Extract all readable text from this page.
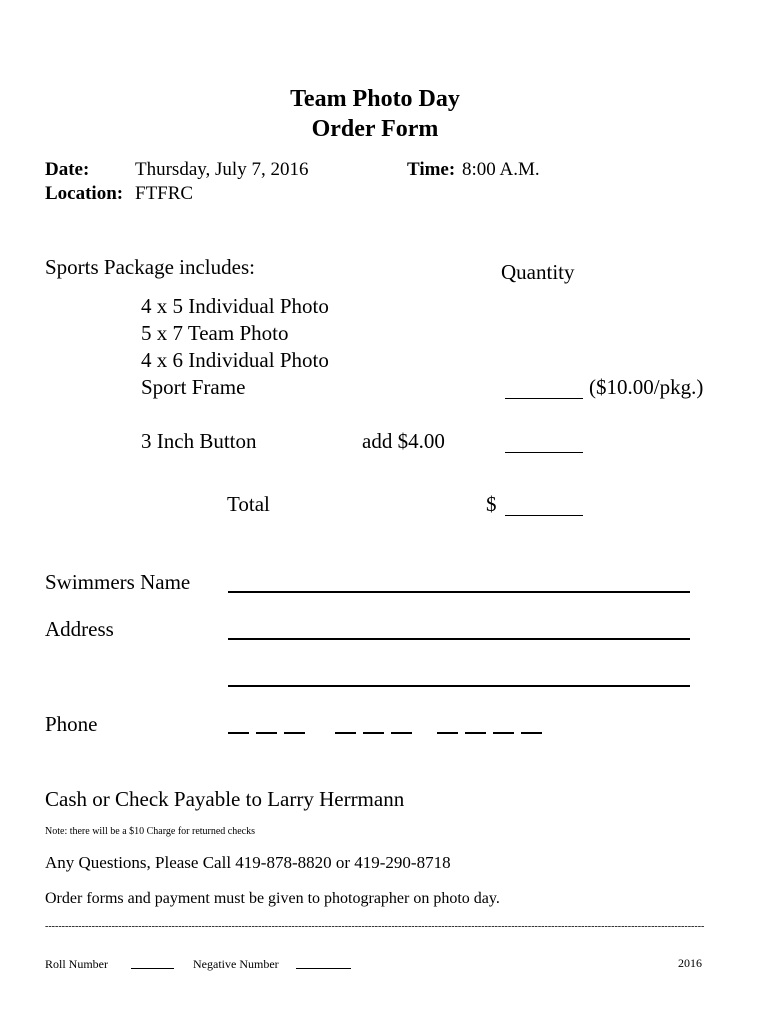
Team Photo Day
Order Form
Date: Thursday, July 7, 2016	Time: 8:00 A.M.
Location: FTFRC
Sports Package includes:	Quantity
4 x 5 Individual Photo
5 x 7 Team Photo
4 x 6 Individual Photo
Sport Frame	($10.00/pkg.)
3 Inch Button	add $4.00
Total	$
Swimmers Name
Address
Phone
Cash or Check Payable to Larry Herrmann
Note: there will be a $10 Charge for returned checks
Any Questions, Please Call 419-878-8820 or 419-290-8718
Order forms and payment must be given to photographer on photo day.
------------------------------------------------------------------------------------------------------------------------------------------------------------------------------------------------------
Roll Number	Negative Number	2016
